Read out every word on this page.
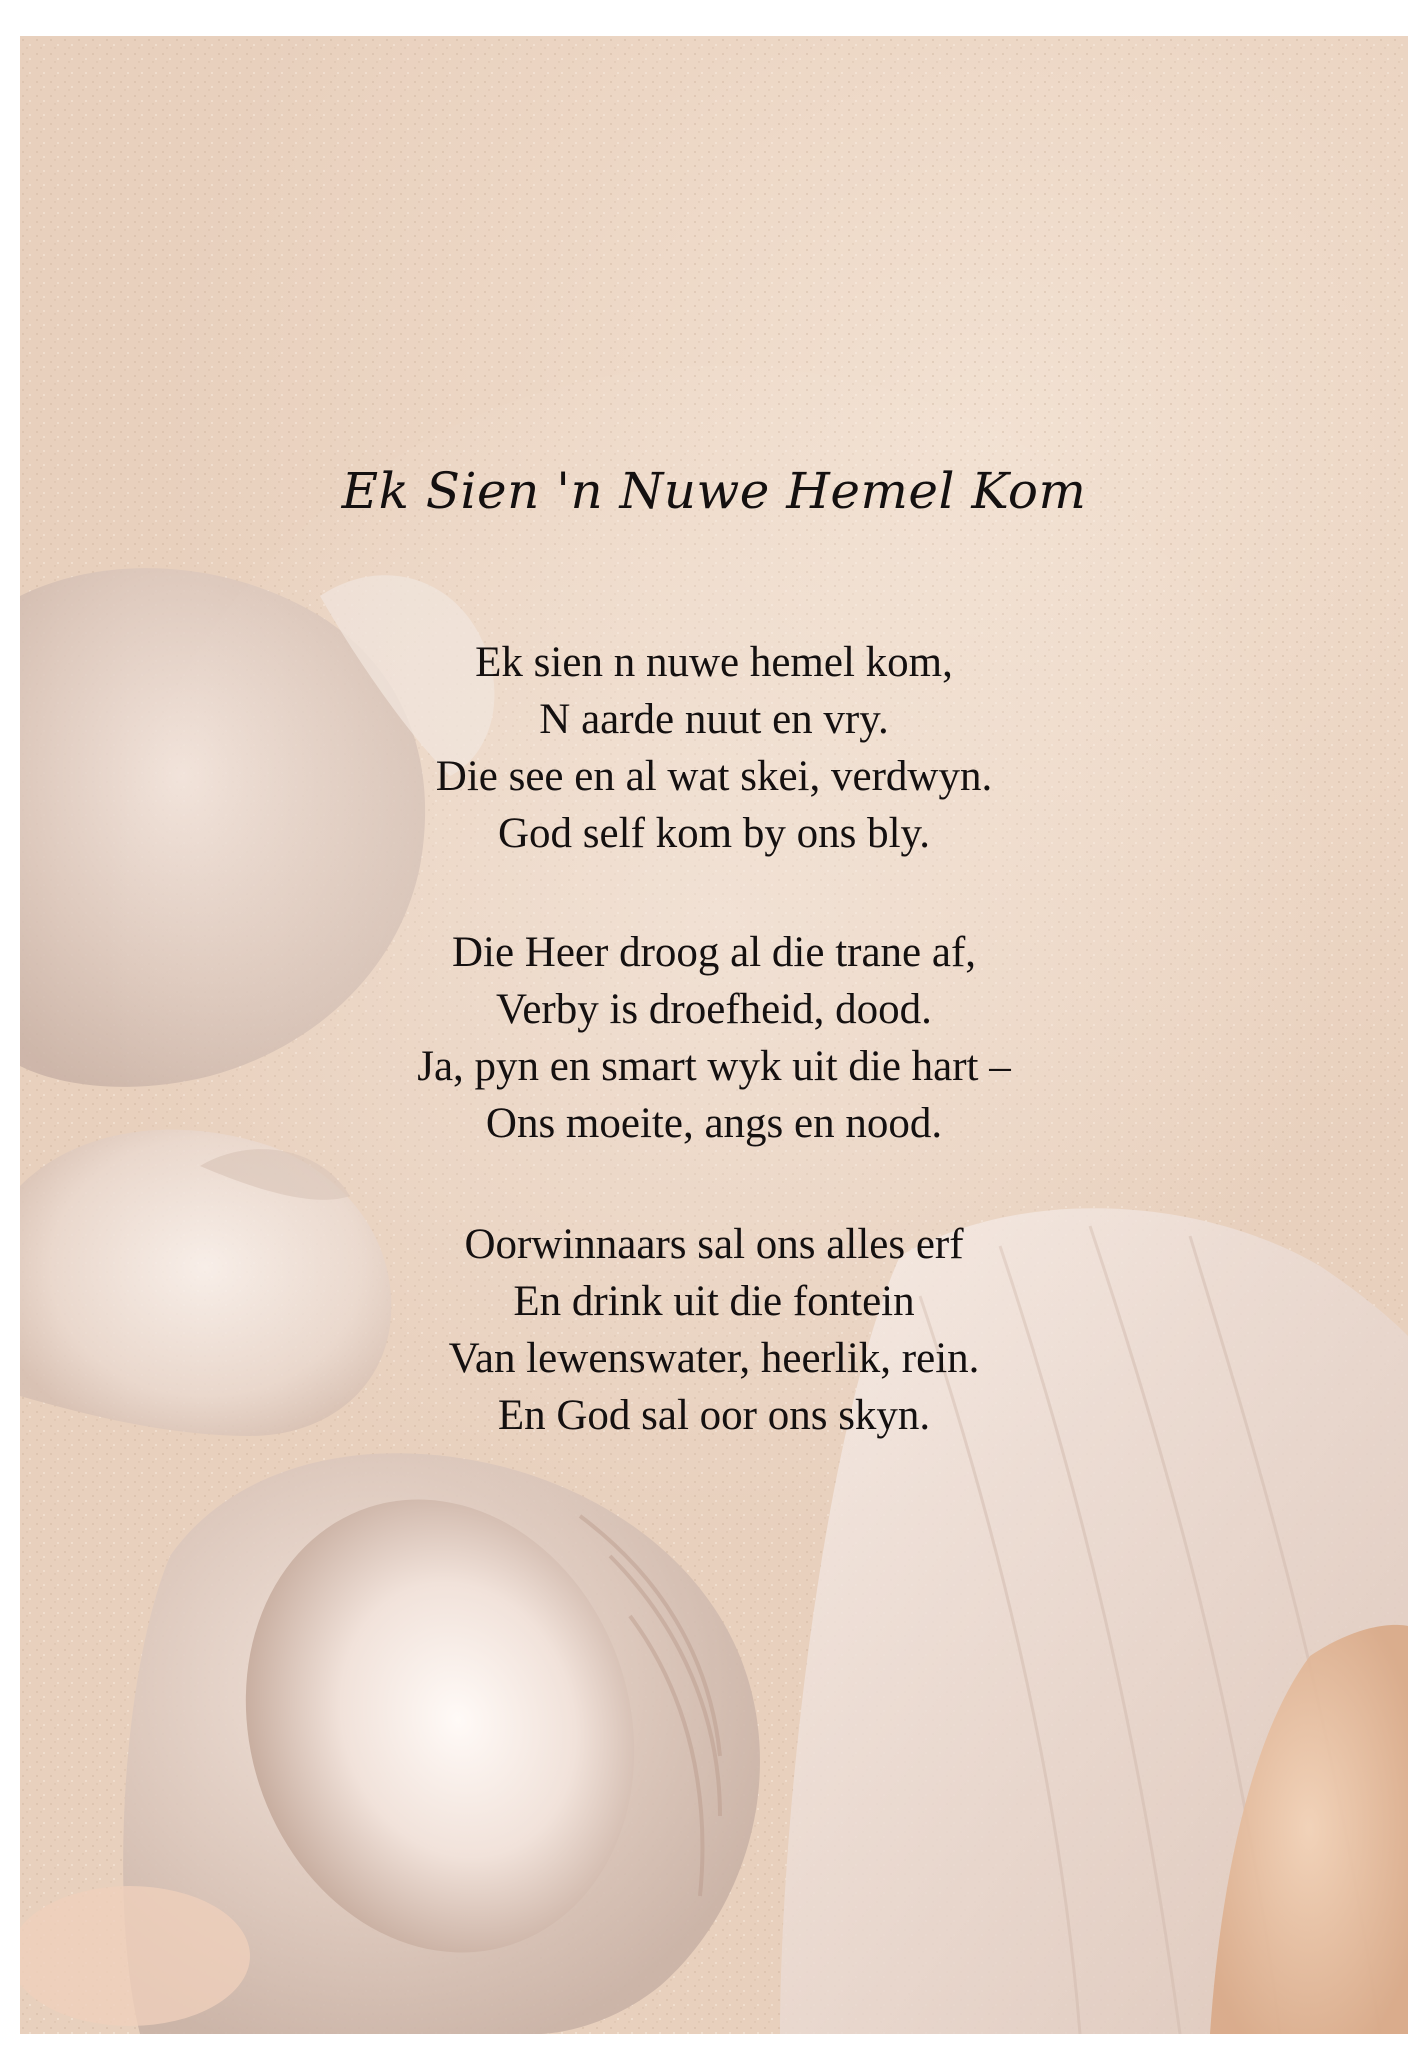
Ek Sien 'n Nuwe Hemel Kom

Ek sien n nuwe hemel kom,
N aarde nuut en vry.
Die see en al wat skei, verdwyn.
God self kom by ons bly.

Die Heer droog al die trane af,
Verby is droefheid, dood.
Ja, pyn en smart wyk uit die hart –
Ons moeite, angs en nood.

Oorwinnaars sal ons alles erf
En drink uit die fontein
Van lewenswater, heerlik, rein.
En God sal oor ons skyn.
